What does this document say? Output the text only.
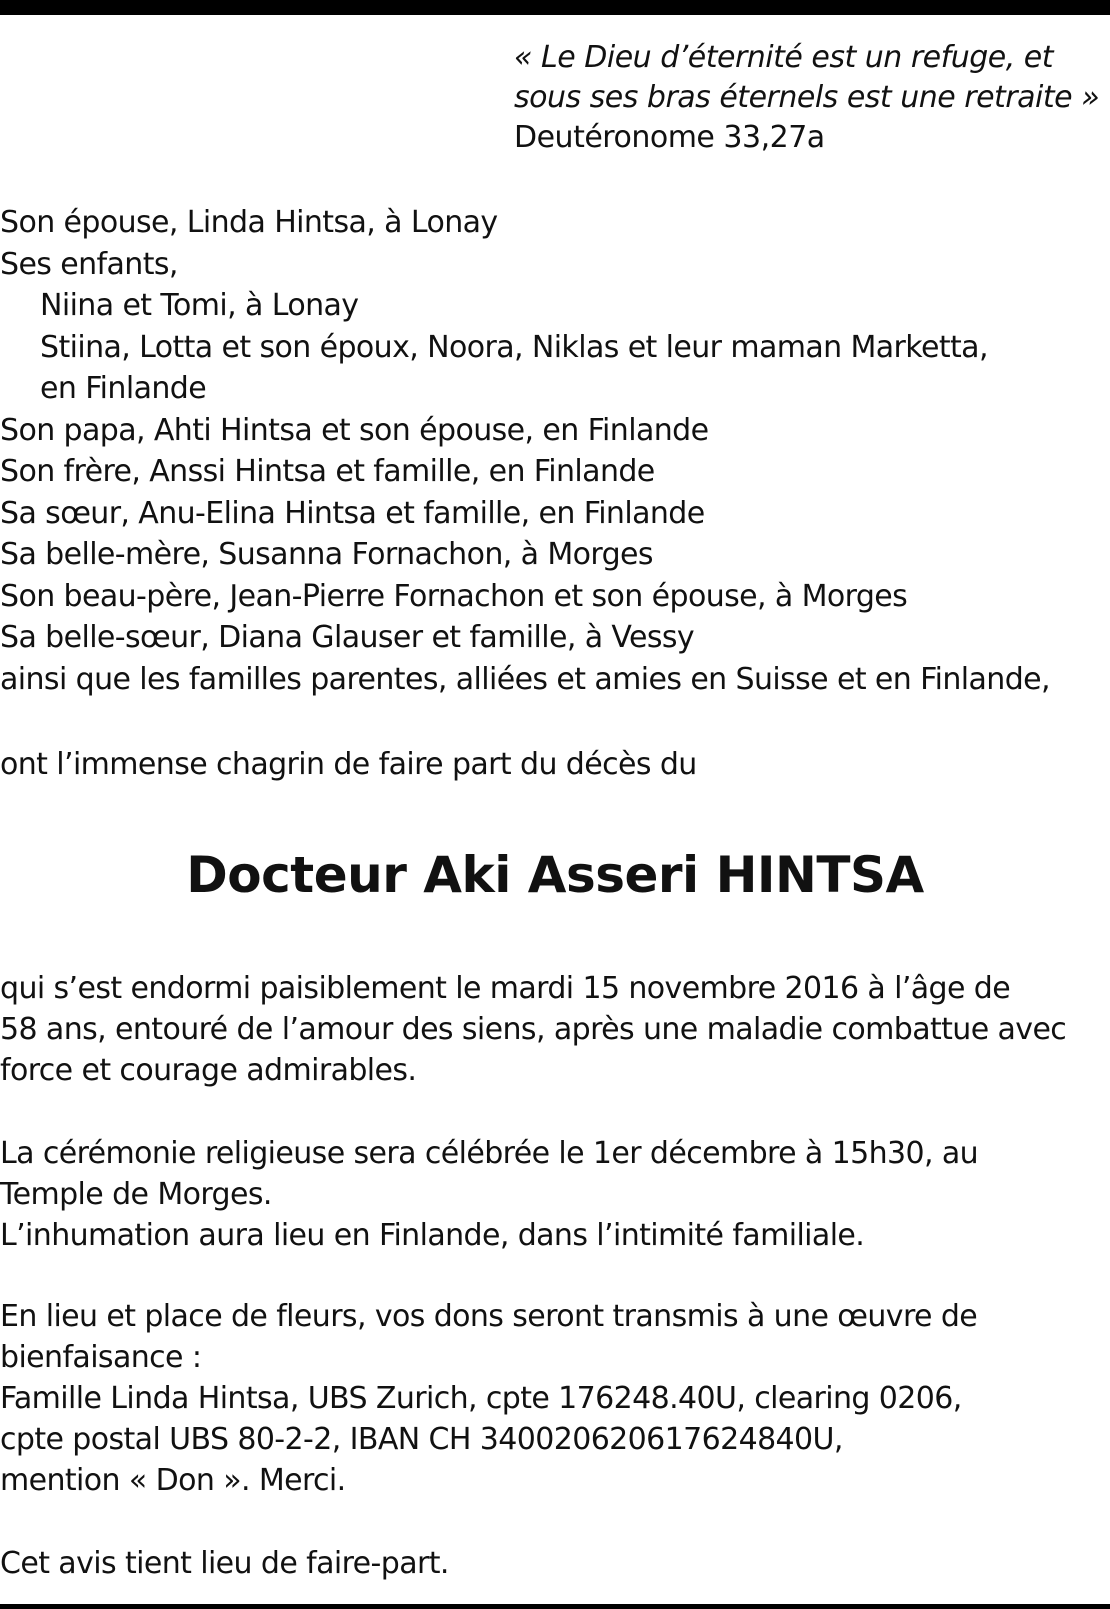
« Le Dieu d’éternité est un refuge, et
sous ses bras éternels est une retraite »
Deutéronome 33,27a
Son épouse, Linda Hintsa, à Lonay
Ses enfants,
Niina et Tomi, à Lonay
Stiina, Lotta et son époux, Noora, Niklas et leur maman Marketta,
en Finlande
Son papa, Ahti Hintsa et son épouse, en Finlande
Son frère, Anssi Hintsa et famille, en Finlande
Sa sœur, Anu-Elina Hintsa et famille, en Finlande
Sa belle-mère, Susanna Fornachon, à Morges
Son beau-père, Jean-Pierre Fornachon et son épouse, à Morges
Sa belle-sœur, Diana Glauser et famille, à Vessy
ainsi que les familles parentes, alliées et amies en Suisse et en Finlande,
ont l’immense chagrin de faire part du décès du
Docteur Aki Asseri HINTSA
qui s’est endormi paisiblement le mardi 15 novembre 2016 à l’âge de
58 ans, entouré de l’amour des siens, après une maladie combattue avec
force et courage admirables.
La cérémonie religieuse sera célébrée le 1er décembre à 15h30, au
Temple de Morges.
L’inhumation aura lieu en Finlande, dans l’intimité familiale.
En lieu et place de fleurs, vos dons seront transmis à une œuvre de
bienfaisance :
Famille Linda Hintsa, UBS Zurich, cpte 176248.40U, clearing 0206,
cpte postal UBS 80-2-2, IBAN CH 340020620617624840U,
mention « Don ». Merci.
Cet avis tient lieu de faire-part.
